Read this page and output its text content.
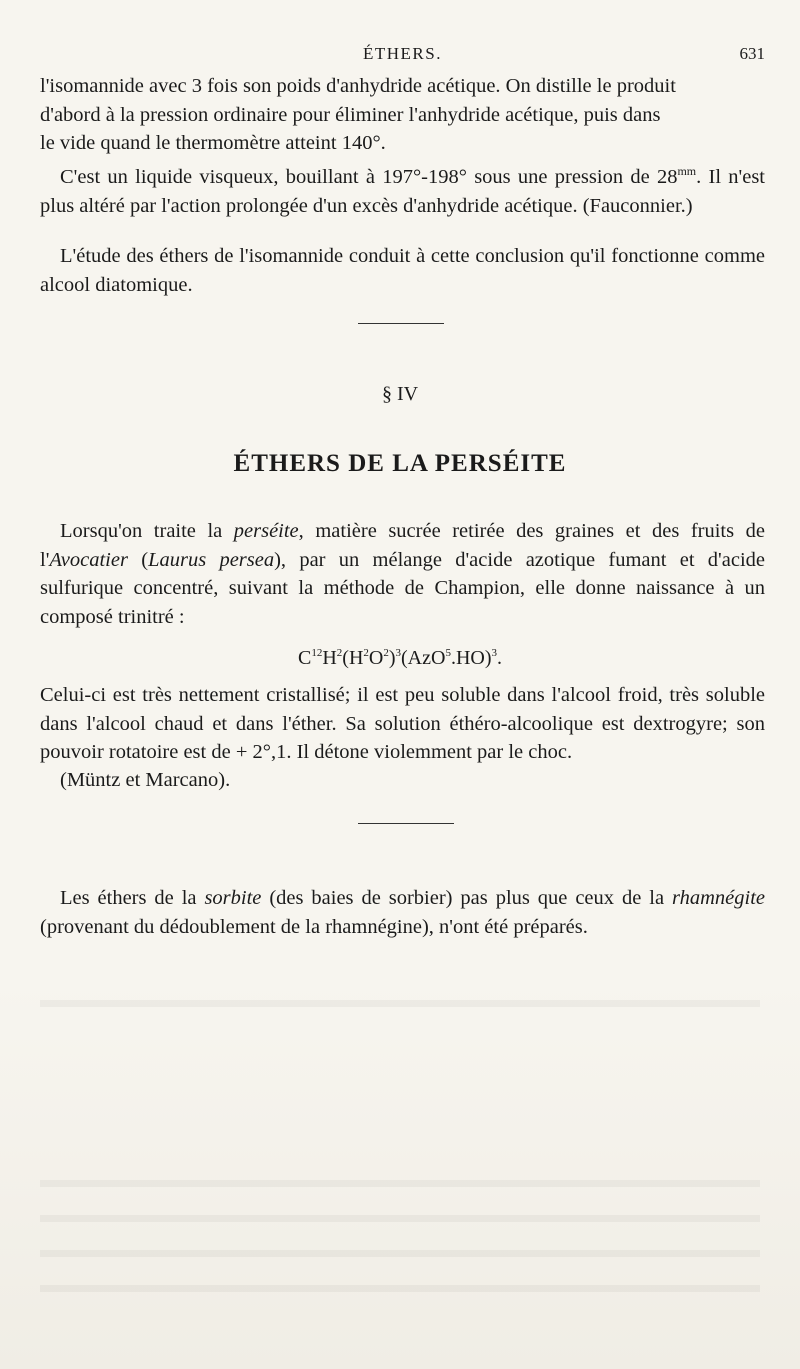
ÉTHERS.	631
l'isomannide avec 3 fois son poids d'anhydride acétique. On distille le produit
d'abord à la pression ordinaire pour éliminer l'anhydride acétique, puis dans
le vide quand le thermomètre atteint 140°.
C'est un liquide visqueux, bouillant à 197°-198° sous une pression de $28^{mm}$. Il n'est plus altéré par l'action prolongée d'un excès d'anhydride acétique. (Fauconnier.)
L'étude des éthers de l'isomannide conduit à cette conclusion qu'il fonctionne comme alcool diatomique.
§ IV
ÉTHERS DE LA PERSÉITE
Lorsqu'on traite la perséite, matière sucrée retirée des graines et des fruits de l'Avocatier (Laurus persea), par un mélange d'acide azotique fumant et d'acide sulfurique concentré, suivant la méthode de Champion, elle donne naissance à un composé trinitré :
$C^{12}H^2(H^2O^2)^3(AzO^5.HO)^3$.
Celui-ci est très nettement cristallisé; il est peu soluble dans l'alcool froid, très soluble dans l'alcool chaud et dans l'éther. Sa solution éthéro-alcoolique est dextrogyre; son pouvoir rotatoire est de + 2°,1. Il détone violemment par le choc.
(Müntz et Marcano).
Les éthers de la sorbite (des baies de sorbier) pas plus que ceux de la rhamnégite (provenant du dédoublement de la rhamnégine), n'ont été préparés.
